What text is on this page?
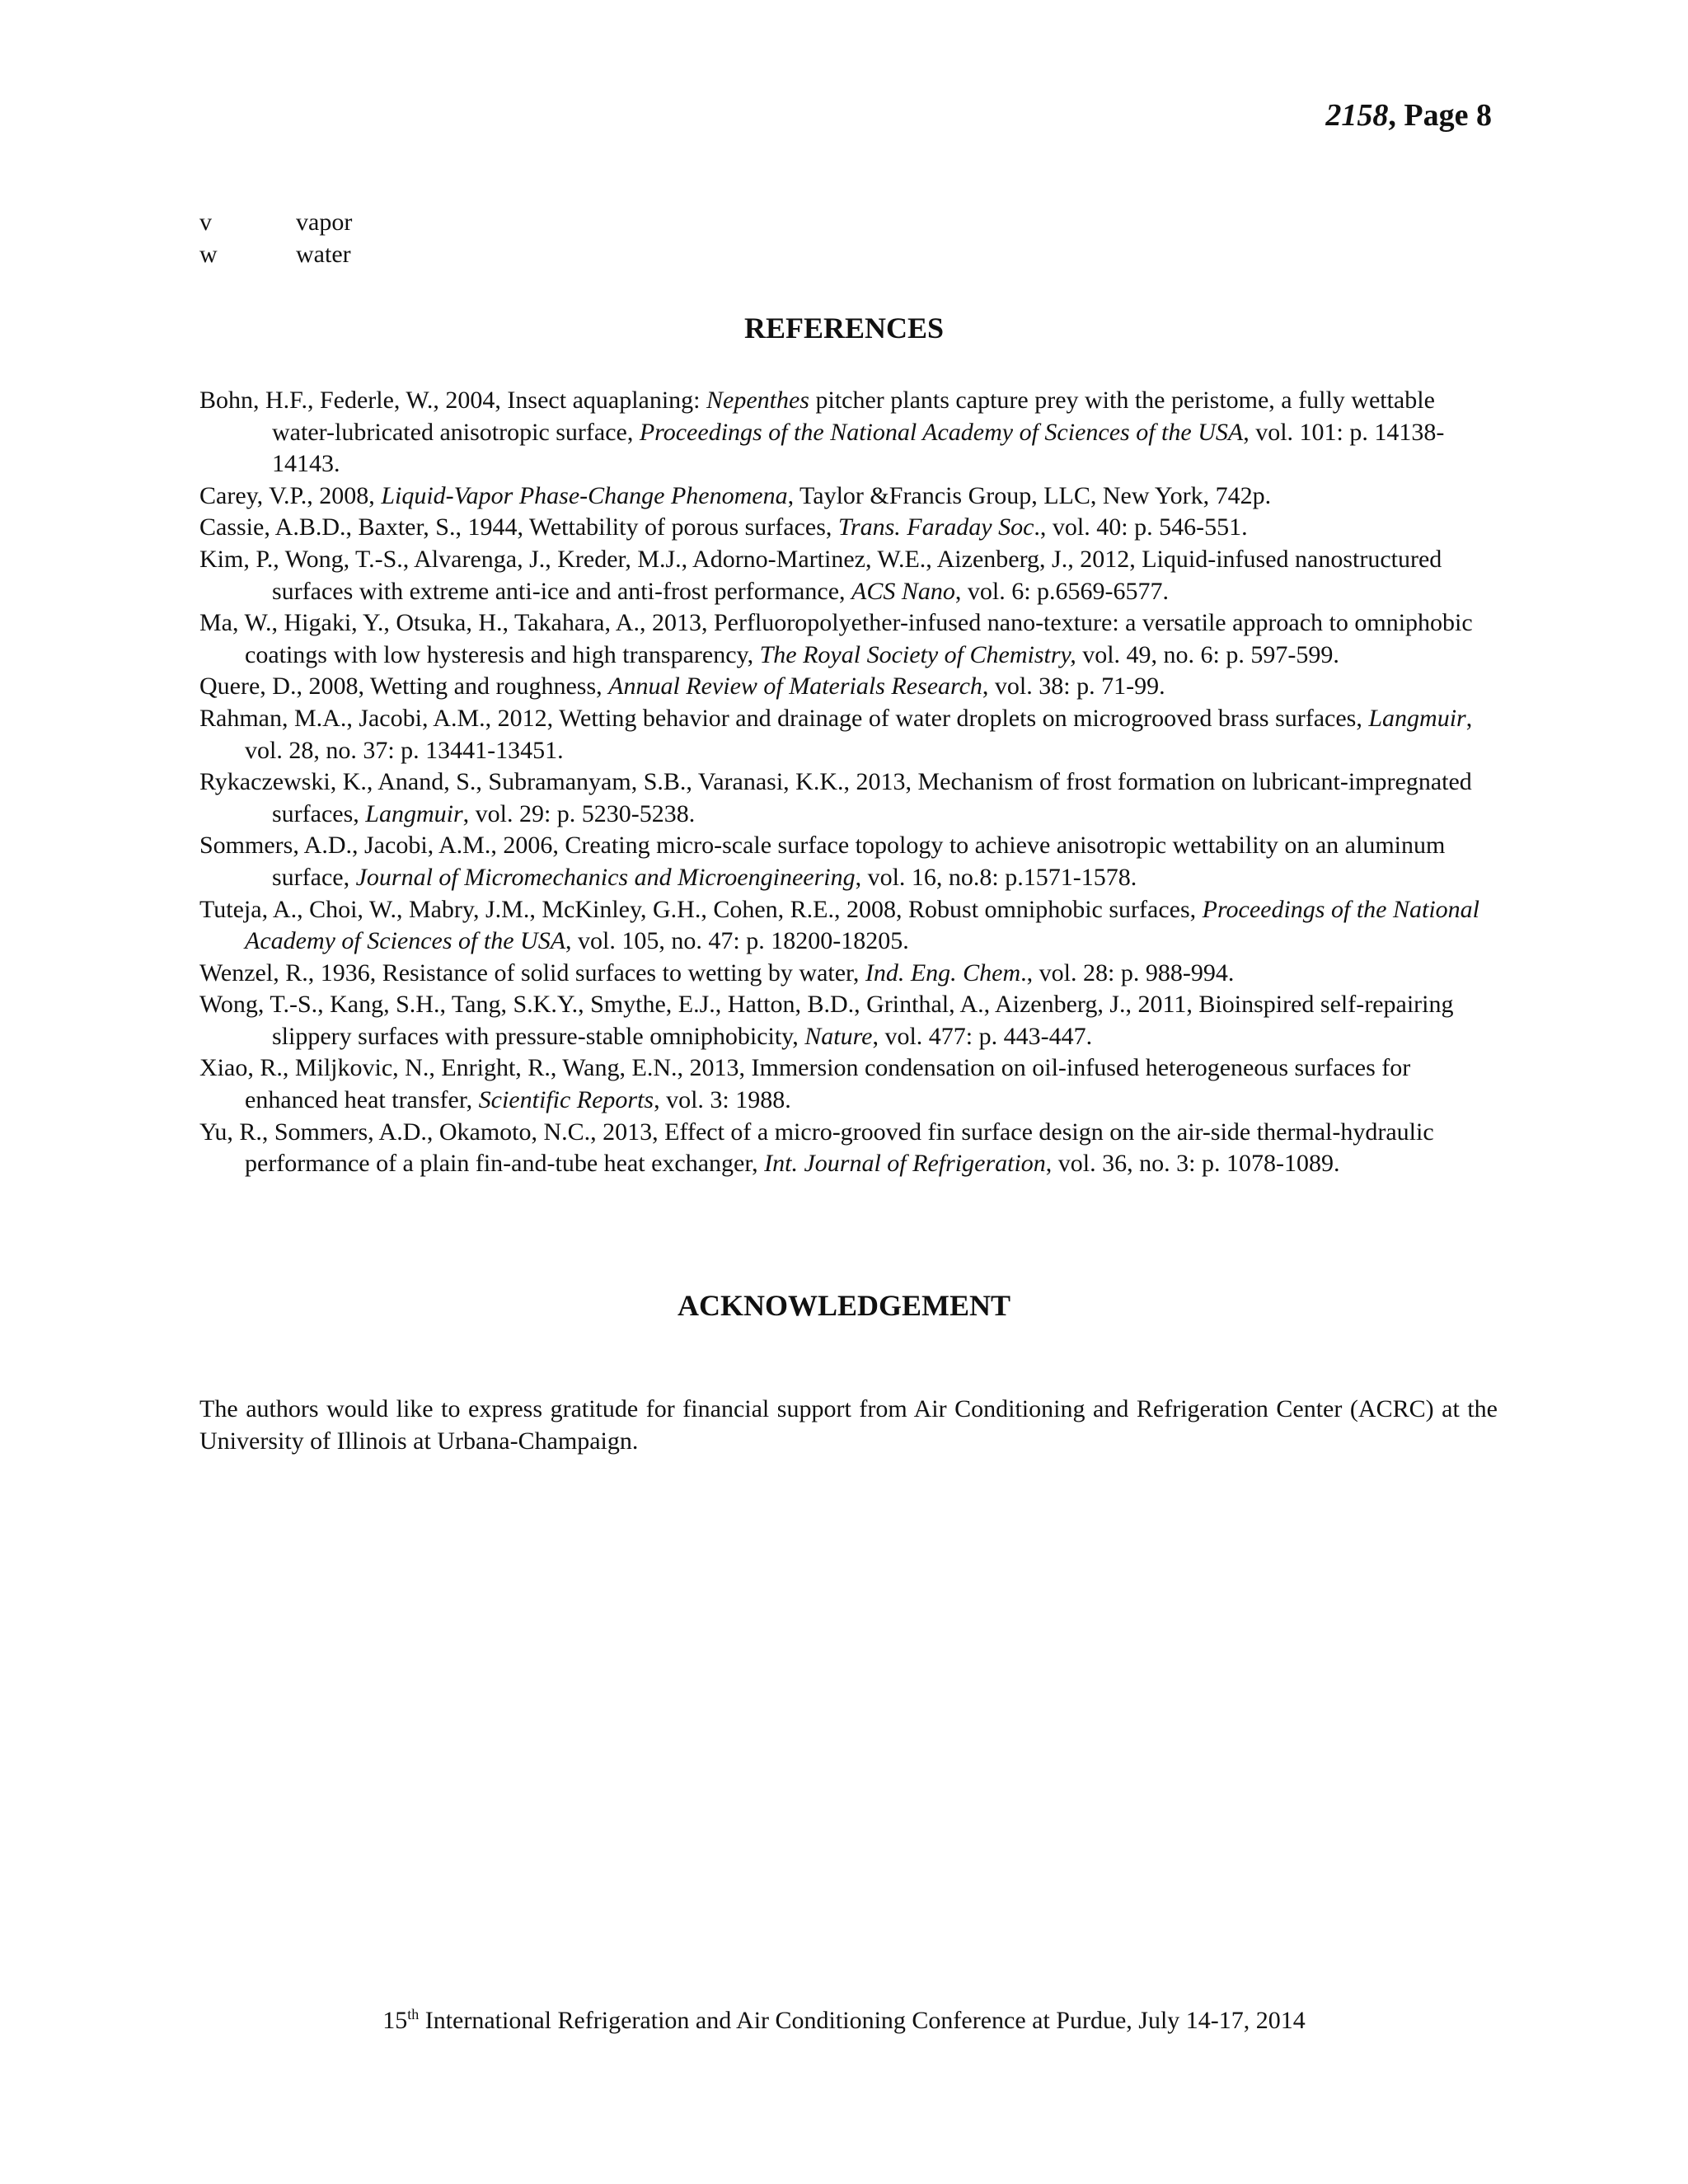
2158, Page 8
v	vapor
w	water
REFERENCES
Bohn, H.F., Federle, W., 2004, Insect aquaplaning: Nepenthes pitcher plants capture prey with the peristome, a fully wettable water-lubricated anisotropic surface, Proceedings of the National Academy of Sciences of the USA, vol. 101: p. 14138-14143.
Carey, V.P., 2008, Liquid-Vapor Phase-Change Phenomena, Taylor &Francis Group, LLC, New York, 742p.
Cassie, A.B.D., Baxter, S., 1944, Wettability of porous surfaces, Trans. Faraday Soc., vol. 40: p. 546-551.
Kim, P., Wong, T.-S., Alvarenga, J., Kreder, M.J., Adorno-Martinez, W.E., Aizenberg, J., 2012, Liquid-infused nanostructured surfaces with extreme anti-ice and anti-frost performance, ACS Nano, vol. 6: p.6569-6577.
Ma, W., Higaki, Y., Otsuka, H., Takahara, A., 2013, Perfluoropolyether-infused nano-texture: a versatile approach to omniphobic coatings with low hysteresis and high transparency, The Royal Society of Chemistry, vol. 49, no. 6: p. 597-599.
Quere, D., 2008, Wetting and roughness, Annual Review of Materials Research, vol. 38: p. 71-99.
Rahman, M.A., Jacobi, A.M., 2012, Wetting behavior and drainage of water droplets on microgrooved brass surfaces, Langmuir, vol. 28, no. 37: p. 13441-13451.
Rykaczewski, K., Anand, S., Subramanyam, S.B., Varanasi, K.K., 2013, Mechanism of frost formation on lubricant-impregnated surfaces, Langmuir, vol. 29: p. 5230-5238.
Sommers, A.D., Jacobi, A.M., 2006, Creating micro-scale surface topology to achieve anisotropic wettability on an aluminum surface, Journal of Micromechanics and Microengineering, vol. 16, no.8: p.1571-1578.
Tuteja, A., Choi, W., Mabry, J.M., McKinley, G.H., Cohen, R.E., 2008, Robust omniphobic surfaces, Proceedings of the National Academy of Sciences of the USA, vol. 105, no. 47: p. 18200-18205.
Wenzel, R., 1936, Resistance of solid surfaces to wetting by water, Ind. Eng. Chem., vol. 28: p. 988-994.
Wong, T.-S., Kang, S.H., Tang, S.K.Y., Smythe, E.J., Hatton, B.D., Grinthal, A., Aizenberg, J., 2011, Bioinspired self-repairing slippery surfaces with pressure-stable omniphobicity, Nature, vol. 477: p. 443-447.
Xiao, R., Miljkovic, N., Enright, R., Wang, E.N., 2013, Immersion condensation on oil-infused heterogeneous surfaces for enhanced heat transfer, Scientific Reports, vol. 3: 1988.
Yu, R., Sommers, A.D., Okamoto, N.C., 2013, Effect of a micro-grooved fin surface design on the air-side thermal-hydraulic performance of a plain fin-and-tube heat exchanger, Int. Journal of Refrigeration, vol. 36, no. 3: p. 1078-1089.
ACKNOWLEDGEMENT

The authors would like to express gratitude for financial support from Air Conditioning and Refrigeration Center (ACRC) at the University of Illinois at Urbana-Champaign.

15th International Refrigeration and Air Conditioning Conference at Purdue, July 14-17, 2014
